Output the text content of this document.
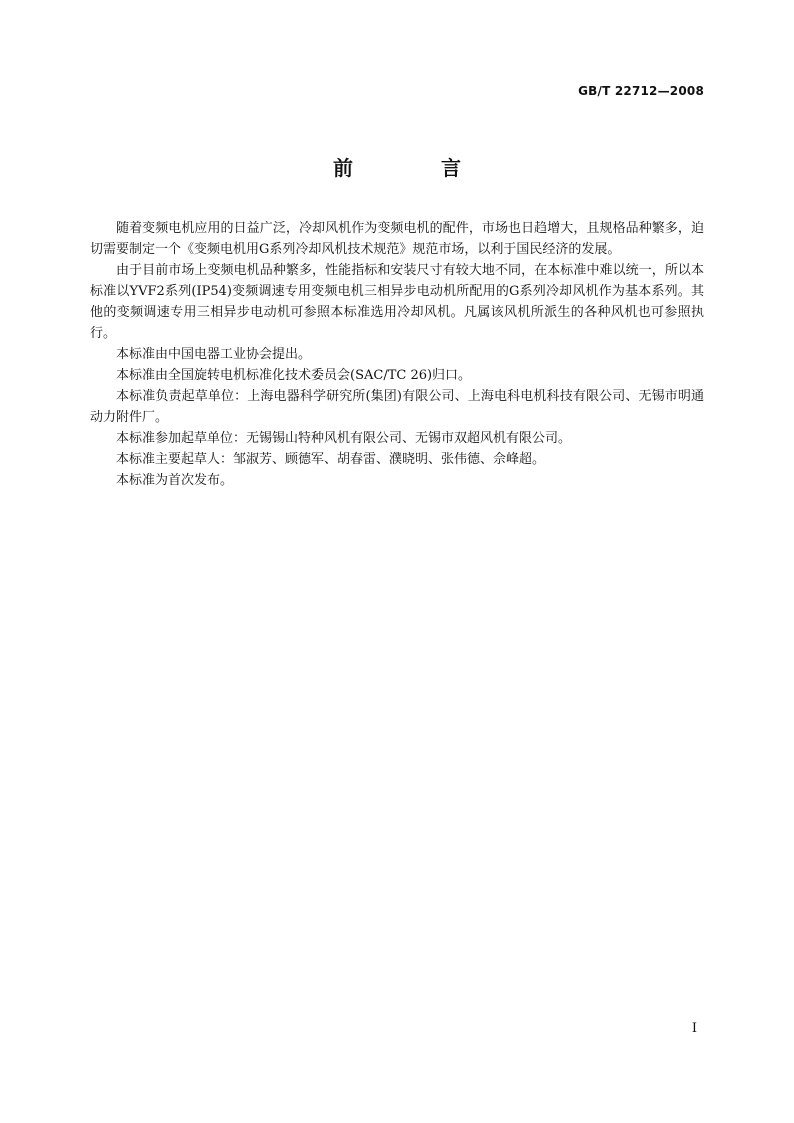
GB/T 22712—2008
前　言

随着变频电机应用的日益广泛，冷却风机作为变频电机的配件，市场也日趋增大，且规格品种繁多，迫切需要制定一个《变频电机用G系列冷却风机技术规范》规范市场，以利于国民经济的发展。

由于目前市场上变频电机品种繁多，性能指标和安装尺寸有较大地不同，在本标准中难以统一，所以本标准以YVF2系列(IP54)变频调速专用变频电机三相异步电动机所配用的G系列冷却风机作为基本系列。其他的变频调速专用三相异步电动机可参照本标准选用冷却风机。凡属该风机所派生的各种风机也可参照执行。

本标准由中国电器工业协会提出。

本标准由全国旋转电机标准化技术委员会(SAC/TC 26)归口。

本标准负责起草单位：上海电器科学研究所(集团)有限公司、上海电科电机科技有限公司、无锡市明通动力附件厂。

本标准参加起草单位：无锡锡山特种风机有限公司、无锡市双超风机有限公司。

本标准主要起草人：邹淑芳、顾德军、胡春雷、濮晓明、张伟德、佘峰超。

本标准为首次发布。

I
